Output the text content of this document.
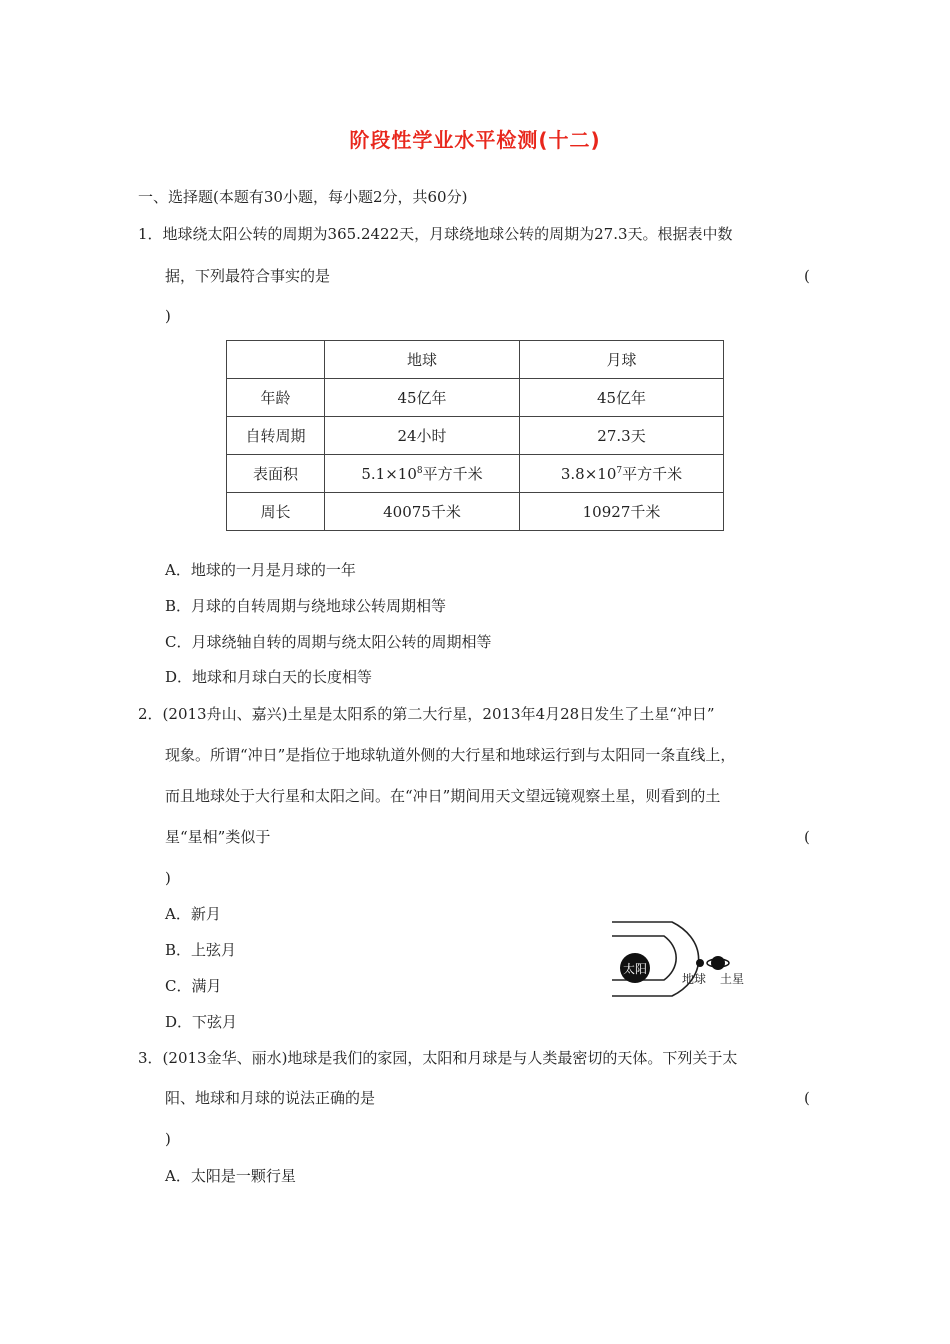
阶段性学业水平检测(十二)
一、选择题(本题有30小题，每小题2分，共60分)
1．地球绕太阳公转的周期为365.2422天，月球绕地球公转的周期为27.3天。根据表中数
据，下列最符合事实的是	(
)
	地球	月球
年龄	45亿年	45亿年
自转周期	24小时	27.3天
表面积	$5.1\times 10^8$平方千米	$3.8\times 10^7$平方千米
周长	40075千米	10927千米
A．地球的一月是月球的一年
B．月球的自转周期与绕地球公转周期相等
C．月球绕轴自转的周期与绕太阳公转的周期相等
D．地球和月球白天的长度相等
2．(2013舟山、嘉兴)土星是太阳系的第二大行星，2013年4月28日发生了土星“冲日”
现象。所谓“冲日”是指位于地球轨道外侧的大行星和地球运行到与太阳同一条直线上，
而且地球处于大行星和太阳之间。在“冲日”期间用天文望远镜观察土星，则看到的土
星“星相”类似于	(
)
A．新月
B．上弦月
C．满月
D．下弦月
太阳
地球 土星
3．(2013金华、丽水)地球是我们的家园，太阳和月球是与人类最密切的天体。下列关于太
阳、地球和月球的说法正确的是	(
)
A．太阳是一颗行星
